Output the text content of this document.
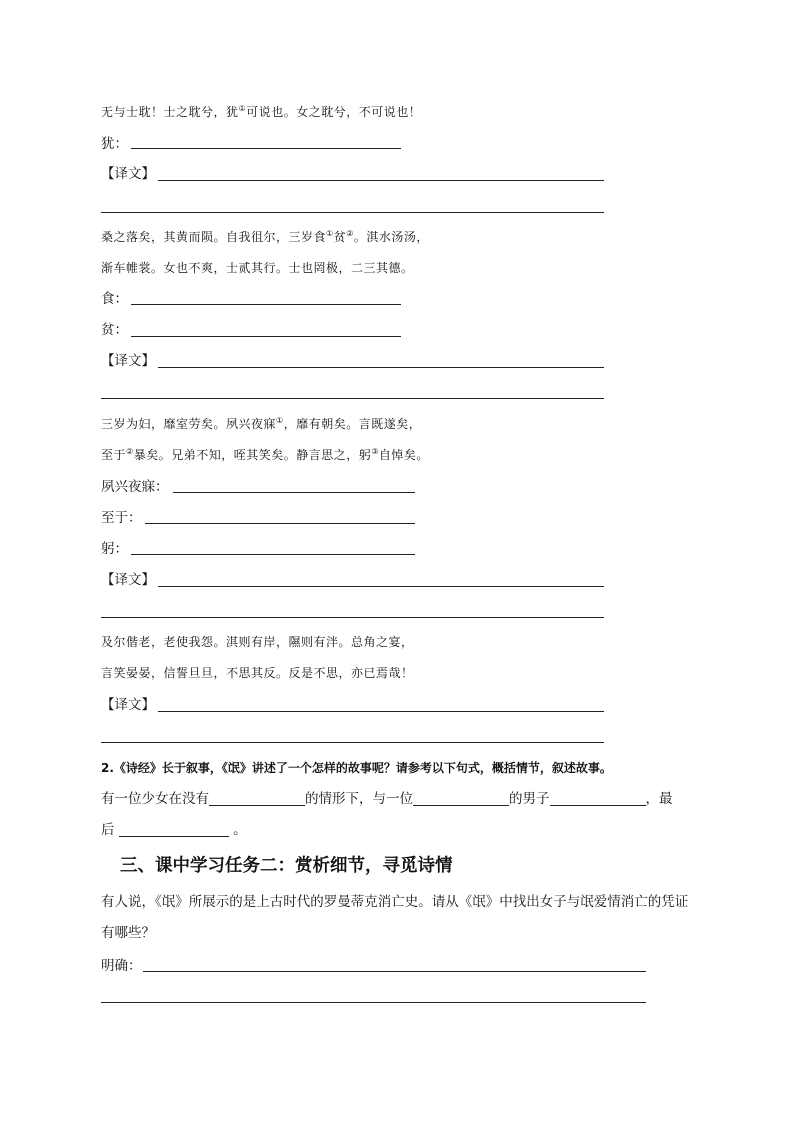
无与士耽！士之耽兮，犹①可说也。女之耽兮，不可说也！
犹：
【译文】
桑之落矣，其黄而陨。自我徂尔，三岁食①贫②。淇水汤汤，
渐车帷裳。女也不爽，士贰其行。士也罔极，二三其德。
食：
贫：
【译文】
三岁为妇，靡室劳矣。夙兴夜寐①，靡有朝矣。言既遂矣，
至于②暴矣。兄弟不知，咥其笑矣。静言思之，躬③自悼矣。
夙兴夜寐：
至于：
躬：
【译文】
及尔偕老，老使我怨。淇则有岸，隰则有泮。总角之宴，
言笑晏晏，信誓旦旦，不思其反。反是不思，亦已焉哉！
【译文】
2.《诗经》长于叙事，《氓》讲述了一个怎样的故事呢？请参考以下句式，概括情节，叙述故事。
有一位少女在没有	的情形下，与一位	的男子	，最
后	。
三、课中学习任务二：赏析细节，寻觅诗情
有人说，《氓》所展示的是上古时代的罗曼蒂克消亡史。请从《氓》中找出女子与氓爱情消亡的凭证
有哪些？
明确：
